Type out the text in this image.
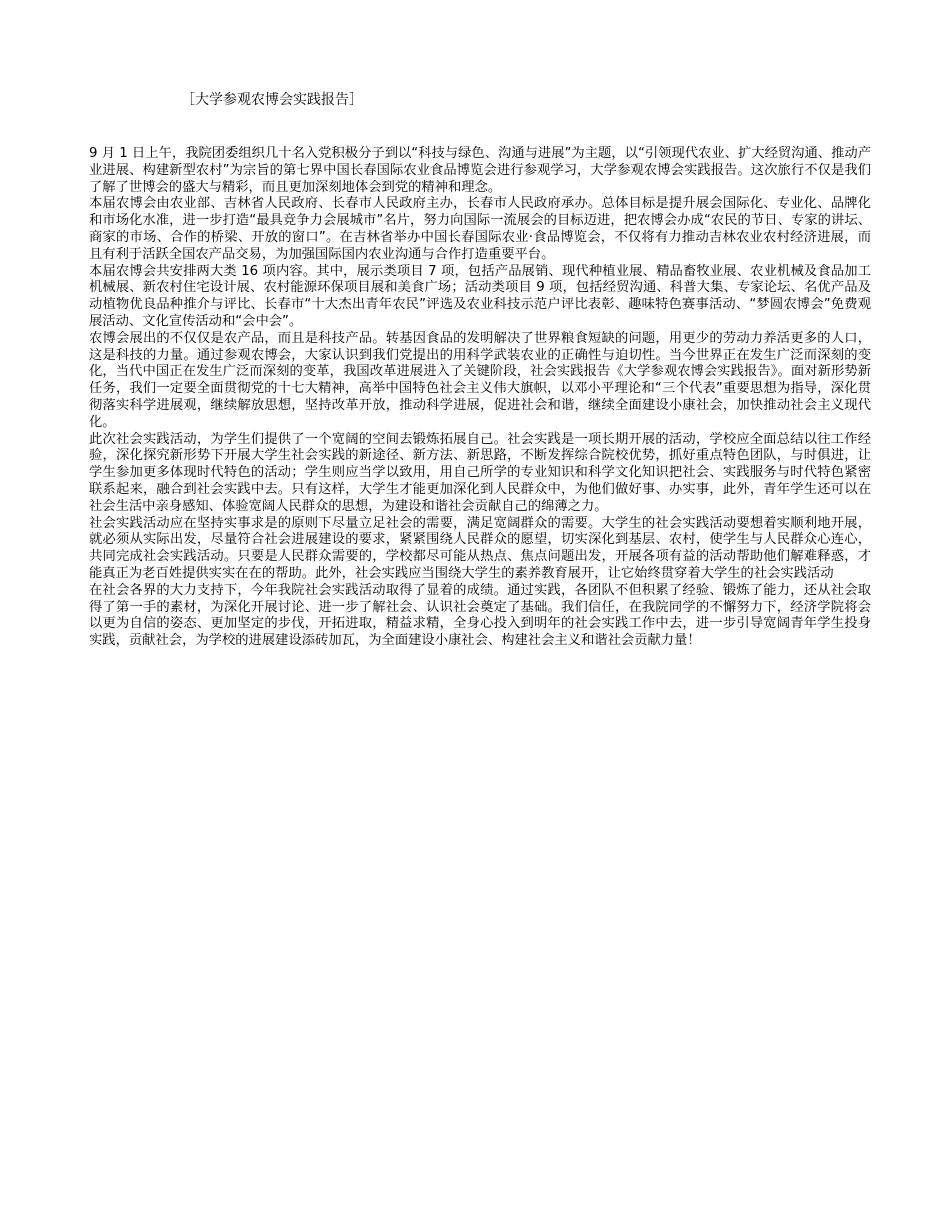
［大学参观农博会实践报告］

9 月 1 日上午，我院团委组织几十名入党积极分子到以“科技与绿色、沟通与进展”为主题，以“引领现代农业、扩大经贸沟通、推动产业进展、构建新型农村”为宗旨的第七界中国长春国际农业食品博览会进行参观学习，大学参观农博会实践报告。这次旅行不仅是我们了解了世博会的盛大与精彩，而且更加深刻地体会到党的精神和理念。

本届农博会由农业部、吉林省人民政府、长春市人民政府主办，长春市人民政府承办。总体目标是提升展会国际化、专业化、品牌化和市场化水准，进一步打造“最具竞争力会展城市”名片，努力向国际一流展会的目标迈进，把农博会办成“农民的节日、专家的讲坛、商家的市场、合作的桥梁、开放的窗口”。在吉林省举办中国长春国际农业·食品博览会，不仅将有力推动吉林农业农村经济进展，而且有利于活跃全国农产品交易，为加强国际国内农业沟通与合作打造重要平台。

本届农博会共安排两大类 16 项内容。其中，展示类项目 7 项，包括产品展销、现代种植业展、精品畜牧业展、农业机械及食品加工机械展、新农村住宅设计展、农村能源环保项目展和美食广场；活动类项目 9 项，包括经贸沟通、科普大集、专家论坛、名优产品及动植物优良品种推介与评比、长春市“十大杰出青年农民”评选及农业科技示范户评比表彰、趣味特色赛事活动、“梦圆农博会”免费观展活动、文化宣传活动和“会中会”。

农博会展出的不仅仅是农产品，而且是科技产品。转基因食品的发明解决了世界粮食短缺的问题，用更少的劳动力养活更多的人口，这是科技的力量。通过参观农博会，大家认识到我们党提出的用科学武装农业的正确性与迫切性。当今世界正在发生广泛而深刻的变化，当代中国正在发生广泛而深刻的变革，我国改革进展进入了关键阶段，社会实践报告《大学参观农博会实践报告》。面对新形势新任务，我们一定要全面贯彻党的十七大精神，高举中国特色社会主义伟大旗帜，以邓小平理论和“三个代表”重要思想为指导，深化贯彻落实科学进展观，继续解放思想，坚持改革开放，推动科学进展，促进社会和谐，继续全面建设小康社会，加快推动社会主义现代化。

此次社会实践活动，为学生们提供了一个宽阔的空间去锻炼拓展自己。社会实践是一项长期开展的活动，学校应全面总结以往工作经验，深化探究新形势下开展大学生社会实践的新途径、新方法、新思路，不断发挥综合院校优势，抓好重点特色团队，与时俱进，让学生参加更多体现时代特色的活动；学生则应当学以致用，用自己所学的专业知识和科学文化知识把社会、实践服务与时代特色紧密联系起来，融合到社会实践中去。只有这样，大学生才能更加深化到人民群众中，为他们做好事、办实事，此外，青年学生还可以在社会生活中亲身感知、体验宽阔人民群众的思想，为建设和谐社会贡献自己的绵薄之力。

社会实践活动应在坚持实事求是的原则下尽量立足社会的需要，满足宽阔群众的需要。大学生的社会实践活动要想着实顺利地开展，就必须从实际出发，尽量符合社会进展建设的要求，紧紧围绕人民群众的愿望，切实深化到基层、农村，使学生与人民群众心连心，共同完成社会实践活动。只要是人民群众需要的，学校都尽可能从热点、焦点问题出发，开展各项有益的活动帮助他们解难释惑，才能真正为老百姓提供实实在在的帮助。此外，社会实践应当围绕大学生的素养教育展开，让它始终贯穿着大学生的社会实践活动

在社会各界的大力支持下，今年我院社会实践活动取得了显着的成绩。通过实践，各团队不但积累了经验、锻炼了能力，还从社会取得了第一手的素材，为深化开展讨论、进一步了解社会、认识社会奠定了基础。我们信任，在我院同学的不懈努力下，经济学院将会以更为自信的姿态、更加坚定的步伐，开拓进取，精益求精，全身心投入到明年的社会实践工作中去，进一步引导宽阔青年学生投身实践，贡献社会，为学校的进展建设添砖加瓦，为全面建设小康社会、构建社会主义和谐社会贡献力量！
